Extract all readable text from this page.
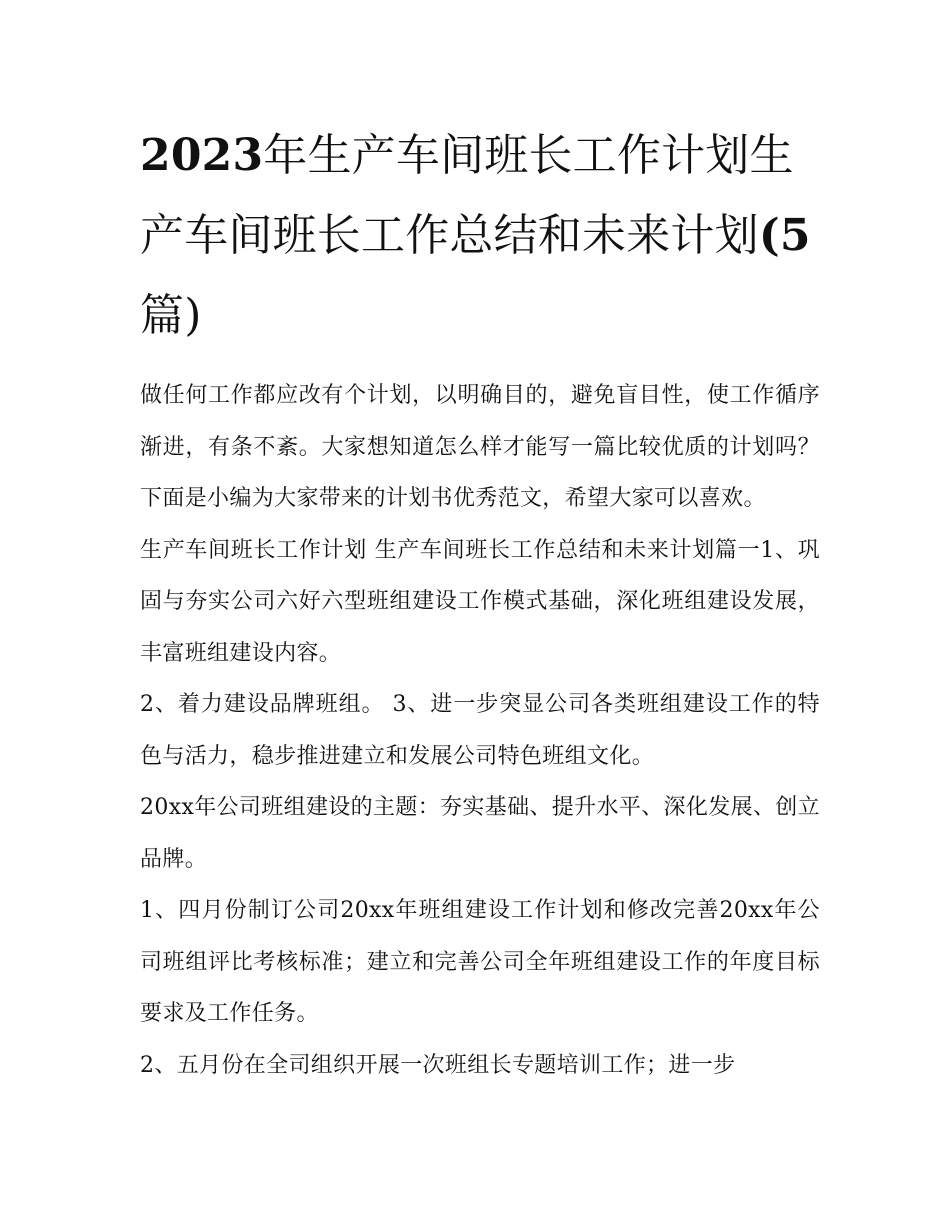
2023年生产车间班长工作计划生产车间班长工作总结和未来计划(5篇)

做任何工作都应改有个计划，以明确目的，避免盲目性，使工作循序渐进，有条不紊。大家想知道怎么样才能写一篇比较优质的计划吗？下面是小编为大家带来的计划书优秀范文，希望大家可以喜欢。

生产车间班长工作计划 生产车间班长工作总结和未来计划篇一1、巩固与夯实公司六好六型班组建设工作模式基础，深化班组建设发展，丰富班组建设内容。

2、着力建设品牌班组。 3、进一步突显公司各类班组建设工作的特色与活力，稳步推进建立和发展公司特色班组文化。

20xx年公司班组建设的主题：夯实基础、提升水平、深化发展、创立品牌。

1、四月份制订公司20xx年班组建设工作计划和修改完善20xx年公司班组评比考核标准；建立和完善公司全年班组建设工作的年度目标要求及工作任务。

2、五月份在全司组织开展一次班组长专题培训工作；进一步
